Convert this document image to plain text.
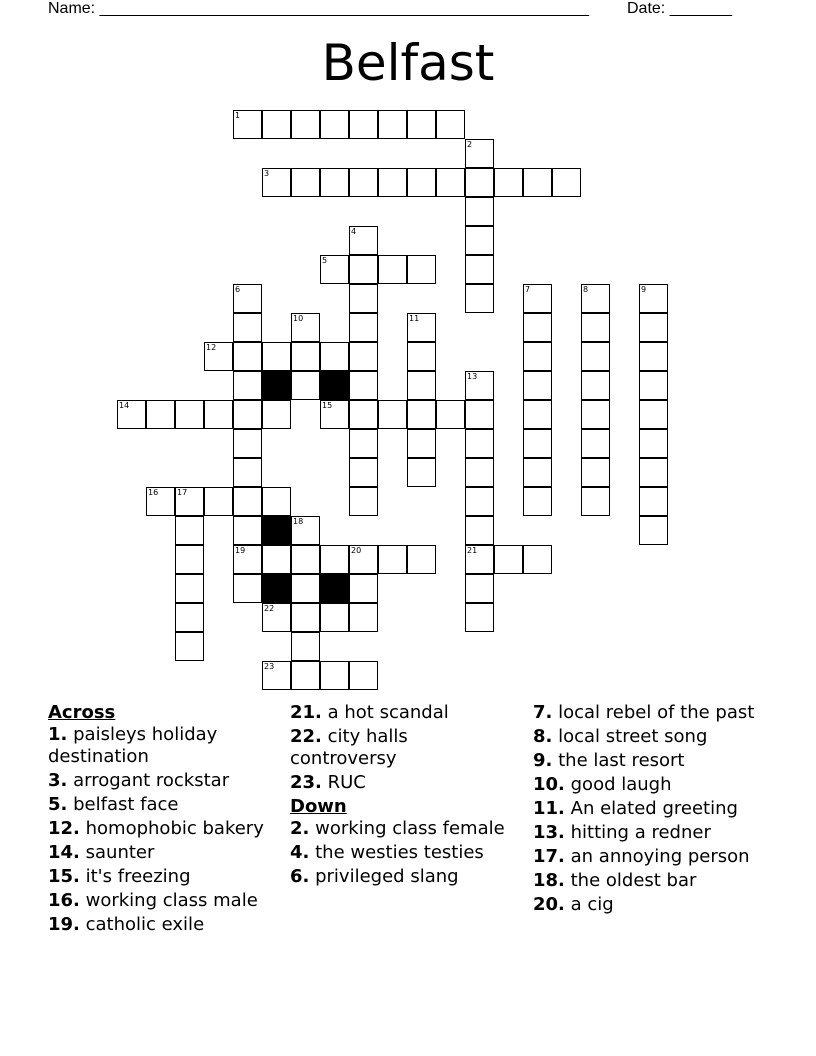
Name: _______________________________________________________ Date: _______
Belfast
1
2
3
4
5
6	7	8	9
10	11
12
13
14	15
16 17
18
19	20	21
22
23
Across
1. paisleys holiday destination
3. arrogant rockstar
5. belfast face
12. homophobic bakery
14. saunter
15. it's freezing
16. working class male
19. catholic exile
21. a hot scandal
22. city halls controversy
23. RUC
Down
2. working class female
4. the westies testies
6. privileged slang
7. local rebel of the past
8. local street song
9. the last resort
10. good laugh
11. An elated greeting
13. hitting a redner
17. an annoying person
18. the oldest bar
20. a cig
